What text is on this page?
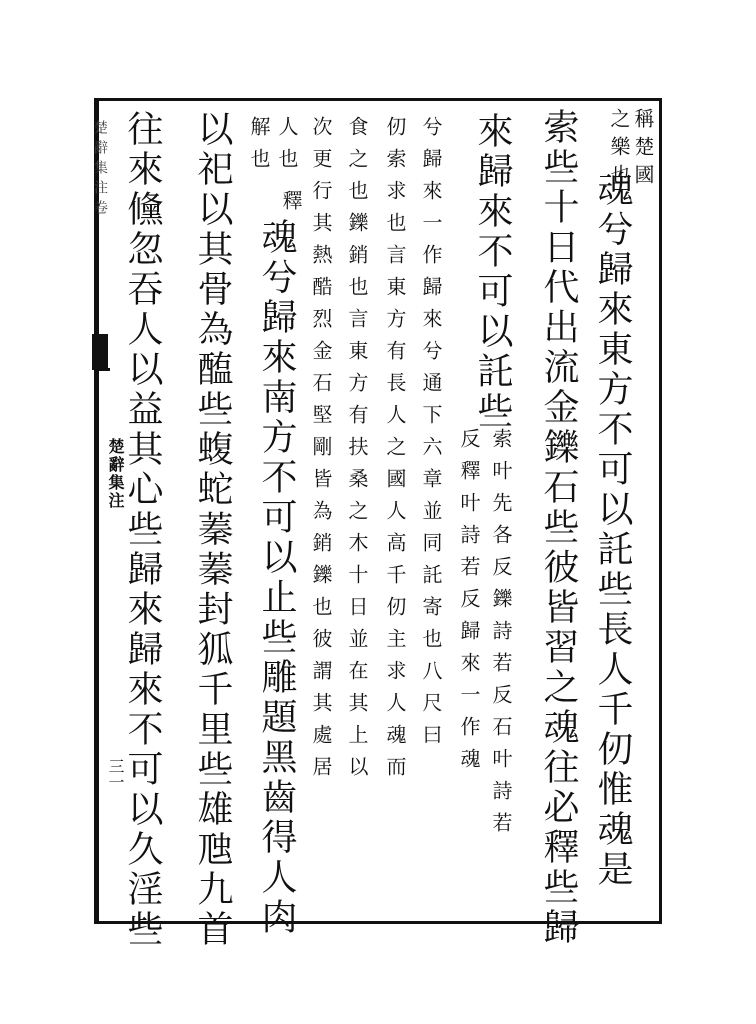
楚辭集注卷
楚辭集注
三一
稱楚國
之樂也
魂兮歸來東方不可以託些長人千仞惟魂是
索些十日代出流金鑠石些彼皆習之魂往必釋些歸
來歸來不可以託些
索叶先各反鑠詩若反石叶詩若
反釋叶詩若反歸來一作魂
兮歸來一作歸來兮通下六章並同託寄也八尺曰
仞索求也言東方有長人之國人高千仞主求人魂而
食之也鑠銷也言東方有扶桑之木十日並在其上以
次更行其熱酷烈金石堅剛皆為銷鑠也彼謂其處居
人也
解也
釋
魂兮歸來南方不可以止些雕題黑齒得人肉
以祀以其骨為醢些蝮蛇蓁蓁封狐千里些雄虺九首
往來儵忽吞人以益其心些歸來歸來不可以久淫些
